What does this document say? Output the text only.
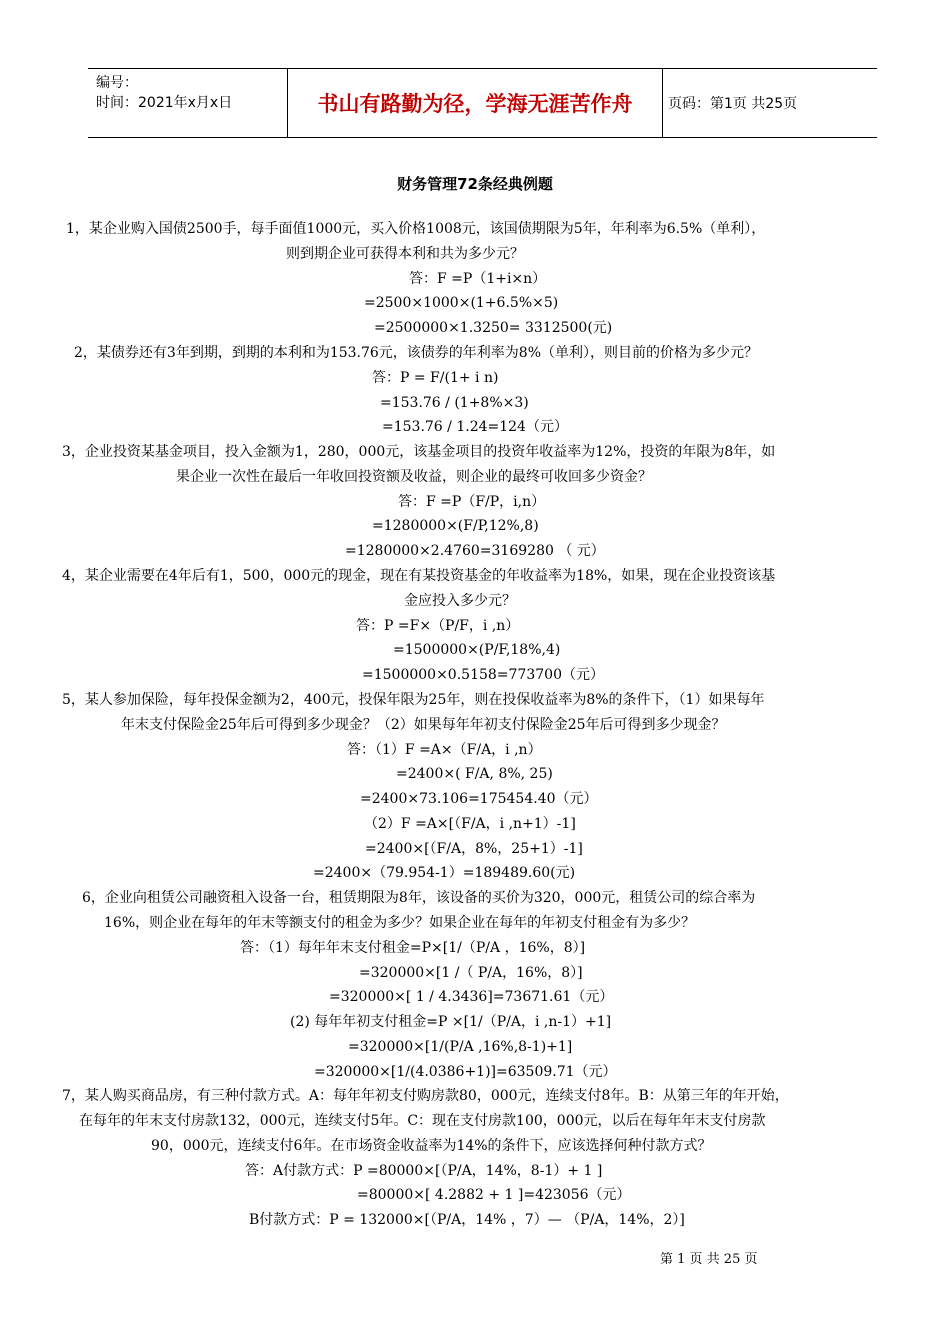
编号：
时间：2021年x月x日	书山有路勤为径，学海无涯苦作舟	页码：第1页 共25页
财务管理72条经典例题
1，某企业购入国债2500手，每手面值1000元，买入价格1008元，该国债期限为5年，年利率为6.5%（单利），
则到期企业可获得本利和共为多少元？
答：F =P（1+i×n）
=2500×1000×(1+6.5%×5)
=2500000×1.3250= 3312500(元)
2，某债券还有3年到期，到期的本利和为153.76元，该债券的年利率为8%（单利），则目前的价格为多少元？
答：P = F/(1+ i n)
=153.76 / (1+8%×3)
=153.76 / 1.24=124（元）
3，企业投资某基金项目，投入金额为1，280，000元，该基金项目的投资年收益率为12%，投资的年限为8年，如
果企业一次性在最后一年收回投资额及收益，则企业的最终可收回多少资金？
答：F =P（F/P，i,n）
=1280000×(F/P,12%,8)
=1280000×2.4760=3169280 （ 元）
4，某企业需要在4年后有1，500，000元的现金，现在有某投资基金的年收益率为18%，如果，现在企业投资该基
金应投入多少元？
答：P =F×（P/F，i ,n）
=1500000×(P/F,18%,4)
=1500000×0.5158=773700（元）
5，某人参加保险，每年投保金额为2，400元，投保年限为25年，则在投保收益率为8%的条件下，（1）如果每年
年末支付保险金25年后可得到多少现金？（2）如果每年年初支付保险金25年后可得到多少现金？
答：（1）F =A×（F/A，i ,n）
=2400×( F/A, 8%, 25)
=2400×73.106=175454.40（元）
（2）F =A×[（F/A，i ,n+1）-1]
=2400×[（F/A，8%，25+1）-1]
=2400×（79.954-1）=189489.60(元)
6，企业向租赁公司融资租入设备一台，租赁期限为8年，该设备的买价为320，000元，租赁公司的综合率为
16%，则企业在每年的年末等额支付的租金为多少？如果企业在每年的年初支付租金有为多少？
答：（1）每年年末支付租金=P×[1/（P/A ，16%，8）]
=320000×[1 /（ P/A，16%，8）]
=320000×[ 1 / 4.3436]=73671.61（元）
(2) 每年年初支付租金=P ×[1/（P/A，i ,n-1）+1]
=320000×[1/(P/A ,16%,8-1)+1]
=320000×[1/(4.0386+1)]=63509.71（元）
7，某人购买商品房，有三种付款方式。A：每年年初支付购房款80，000元，连续支付8年。B：从第三年的年开始，
在每年的年末支付房款132，000元，连续支付5年。C：现在支付房款100，000元，以后在每年年末支付房款
90，000元，连续支付6年。在市场资金收益率为14%的条件下，应该选择何种付款方式？
答：A付款方式：P =80000×[（P/A，14%，8-1）+ 1 ]
=80000×[ 4.2882 + 1 ]=423056（元）
B付款方式：P = 132000×[（P/A，14% ，7）— （P/A，14%，2）]
第 1 页 共 25 页
